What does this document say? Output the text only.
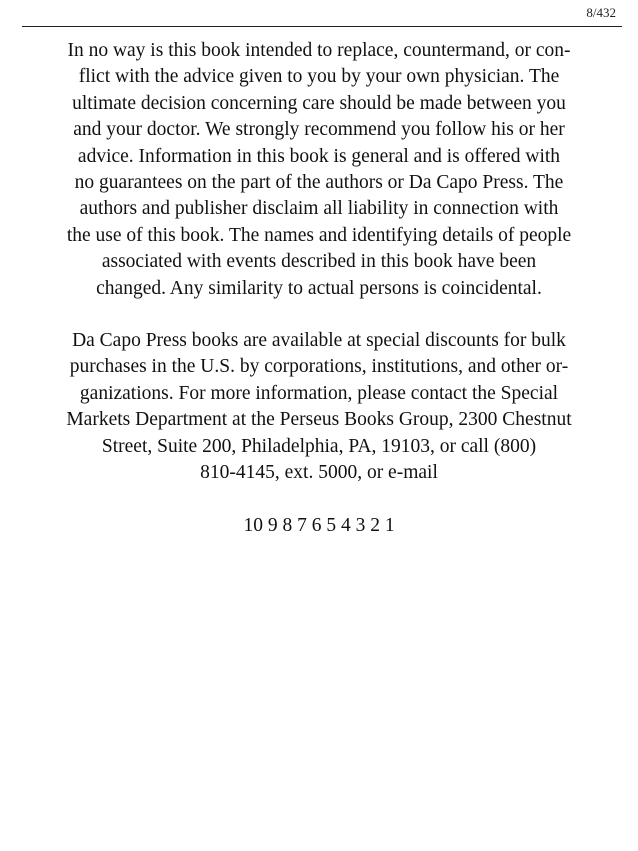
8/432

In no way is this book intended to replace, countermand, or con-
flict with the advice given to you by your own physician. The
ultimate decision concerning care should be made between you
and your doctor. We strongly recommend you follow his or her
advice. Information in this book is general and is offered with
no guarantees on the part of the authors or Da Capo Press. The
authors and publisher disclaim all liability in connection with
the use of this book. The names and identifying details of people
associated with events described in this book have been
changed. Any similarity to actual persons is coincidental.

Da Capo Press books are available at special discounts for bulk
purchases in the U.S. by corporations, institutions, and other or-
ganizations. For more information, please contact the Special
Markets Department at the Perseus Books Group, 2300 Chestnut
Street, Suite 200, Philadelphia, PA, 19103, or call (800)
810-4145, ext. 5000, or e-mail

10 9 8 7 6 5 4 3 2 1
